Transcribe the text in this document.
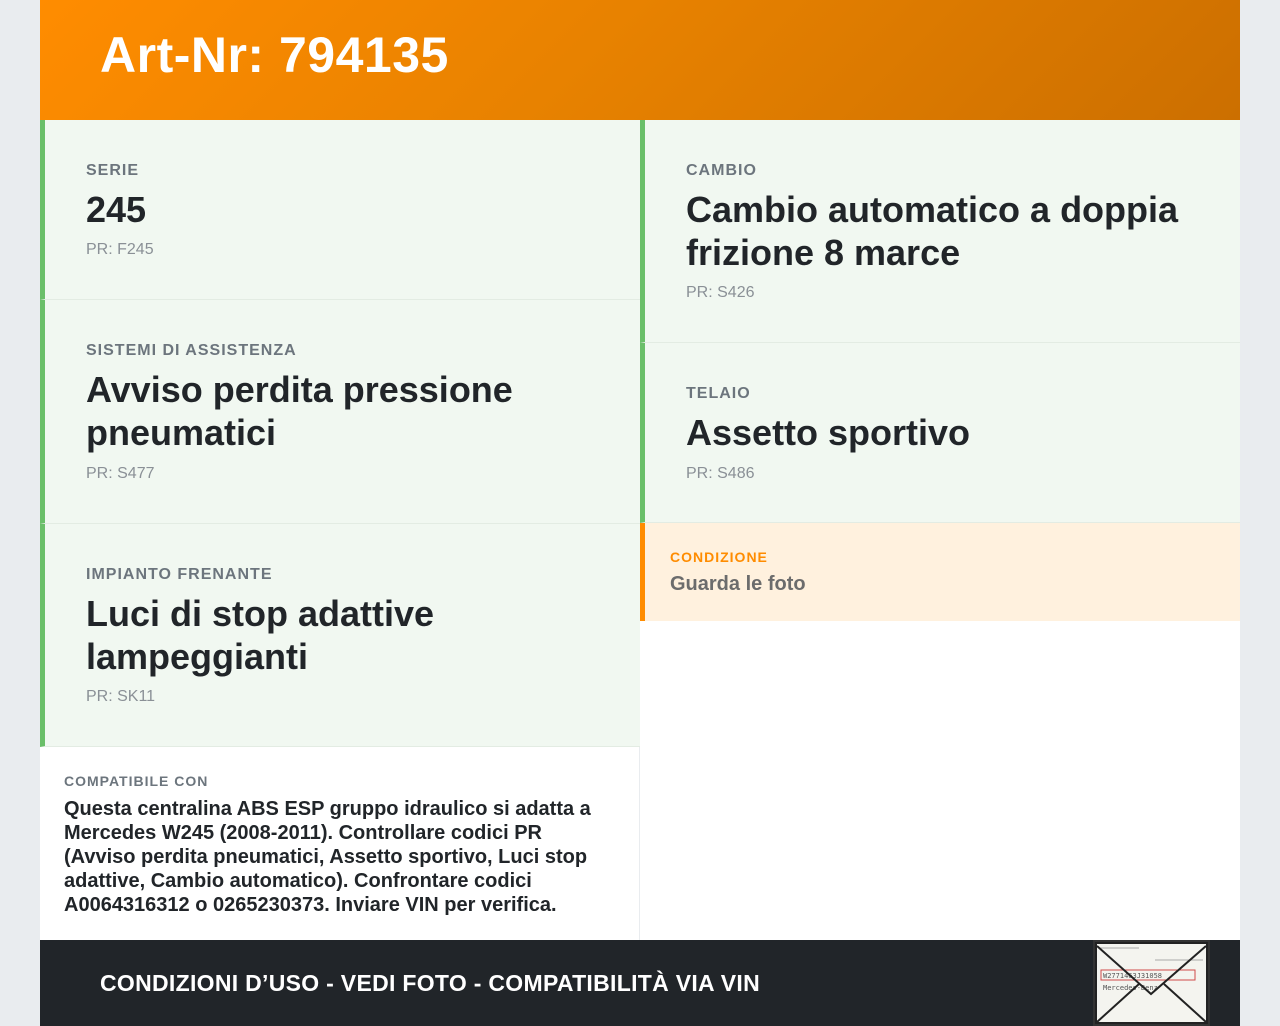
Art-Nr: 794135
SERIE
245
PR: F245
SISTEMI DI ASSISTENZA
Avviso perdita pressione pneumatici
PR: S477
IMPIANTO FRENANTE
Luci di stop adattive lampeggianti
PR: SK11
COMPATIBILE CON
Questa centralina ABS ESP gruppo idraulico si adatta a Mercedes W245 (2008-2011). Controllare codici PR (Avviso perdita pneumatici, Assetto sportivo, Luci stop adattive, Cambio automatico). Confrontare codici A0064316312 o 0265230373. Inviare VIN per verifica.
CAMBIO
Cambio automatico a doppia frizione 8 marce
PR: S426
TELAIO
Assetto sportivo
PR: S486
CONDIZIONE
Guarda le foto
CONDIZIONI D’USO - VEDI FOTO - COMPATIBILITÀ VIA VIN	W2771463J31058
Mercedes-Benz
